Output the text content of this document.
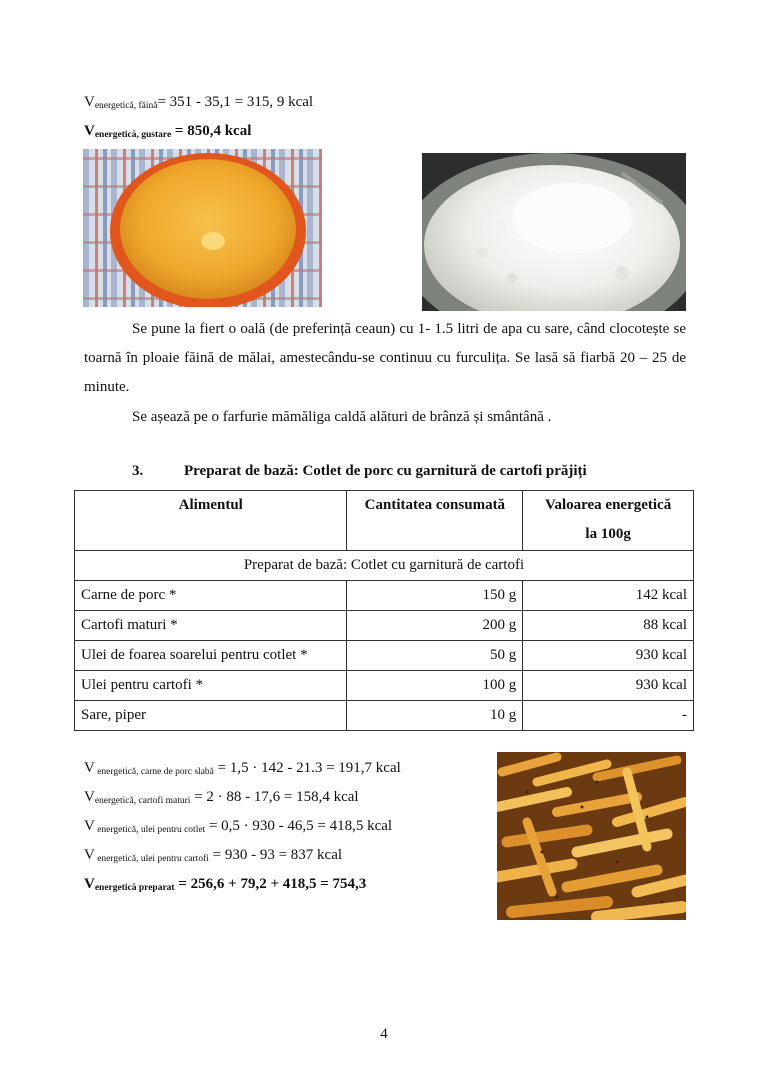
Venergetică, făină= 351 - 35,1 = 315, 9 kcal
Venergetică, gustare = 850,4 kcal
Se pune la fiert o oală (de preferință ceaun) cu 1- 1.5 litri de apa cu sare, când clocotește se toarnă în ploaie făină de mălai, amestecându-se continuu cu furculița. Se lasă să fiarbă 20 – 25 de minute.
Se așează pe o farfurie mămăliga caldă alături de brânză și smântână .
3.	Preparat de bază: Cotlet de porc cu garnitură de cartofi prăjiți
Alimentul	Cantitatea consumată	Valoarea energetică
la 100g
Preparat de bază: Cotlet cu garnitură de cartofi		
Carne de porc *	150 g	142 kcal
Cartofi maturi *	200 g	88 kcal
Ulei de foarea soarelui pentru cotlet *	50 g	930 kcal
Ulei pentru cartofi *	100 g	930 kcal
Sare, piper	10 g	-
V energetică, carne de porc slabă = 1,5 · 142 - 21.3 = 191,7 kcal
Venergetică, cartofi maturi = 2 · 88 - 17,6 = 158,4 kcal
V energetică, ulei pentru cotlet = 0,5 · 930 - 46,5 = 418,5 kcal
V energetică, ulei pentru cartofi = 930 - 93 = 837 kcal
Venergetică preparat = 256,6 + 79,2 + 418,5 = 754,3
4
